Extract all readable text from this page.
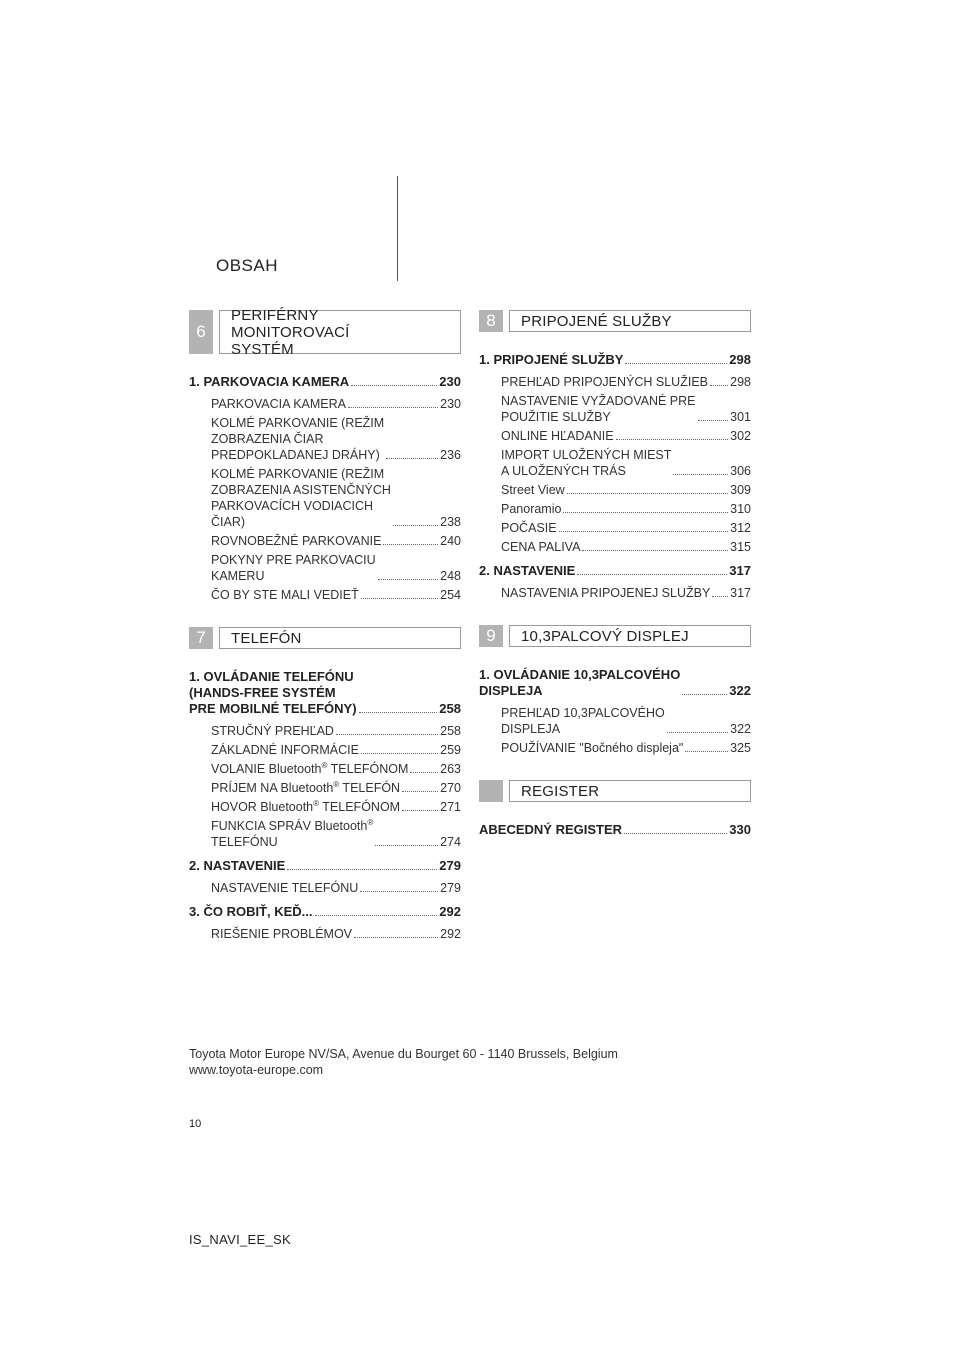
OBSAH
6
PERIFÉRNY MONITOROVACÍ SYSTÉM
1. PARKOVACIA KAMERA	230
PARKOVACIA KAMERA	230
KOLMÉ PARKOVANIE (REŽIM
ZOBRAZENIA ČIAR
PREDPOKLADANEJ DRÁHY)	236
KOLMÉ PARKOVANIE (REŽIM
ZOBRAZENIA ASISTENČNÝCH
PARKOVACÍCH VODIACICH
ČIAR)	238
ROVNOBEŽNÉ PARKOVANIE	240
POKYNY PRE PARKOVACIU
KAMERU	248
ČO BY STE MALI VEDIEŤ	254
7	TELEFÓN
1. OVLÁDANIE TELEFÓNU
(HANDS-FREE SYSTÉM
PRE MOBILNÉ TELEFÓNY)	258
STRUČNÝ PREHĽAD	258
ZÁKLADNÉ INFORMÁCIE	259
VOLANIE Bluetooth® TELEFÓNOM	263
PRÍJEM NA Bluetooth® TELEFÓN	270
HOVOR Bluetooth® TELEFÓNOM	271
FUNKCIA SPRÁV Bluetooth®
TELEFÓNU	274
2. NASTAVENIE	279
NASTAVENIE TELEFÓNU	279
3. ČO ROBIŤ, KEĎ...	292
RIEŠENIE PROBLÉMOV	292
8	PRIPOJENÉ SLUŽBY
1. PRIPOJENÉ SLUŽBY	298
PREHĽAD PRIPOJENÝCH SLUŽIEB 298
NASTAVENIE VYŽADOVANÉ PRE
POUŽITIE SLUŽBY	301
ONLINE HĽADANIE	302
IMPORT ULOŽENÝCH MIEST
A ULOŽENÝCH TRÁS	306
Street View	309
Panoramio	310
POČASIE	312
CENA PALIVA	315
2. NASTAVENIE	317
NASTAVENIA PRIPOJENEJ SLUŽBY 317
9	10,3PALCOVÝ DISPLEJ
1. OVLÁDANIE 10,3PALCOVÉHO
DISPLEJA	322
PREHĽAD 10,3PALCOVÉHO
DISPLEJA	322
POUŽÍVANIE "Bočného displeja"	325
REGISTER
ABECEDNÝ REGISTER	330
Toyota Motor Europe NV/SA, Avenue du Bourget 60 - 1140 Brussels, Belgium
www.toyota-europe.com
10
IS_NAVI_EE_SK
